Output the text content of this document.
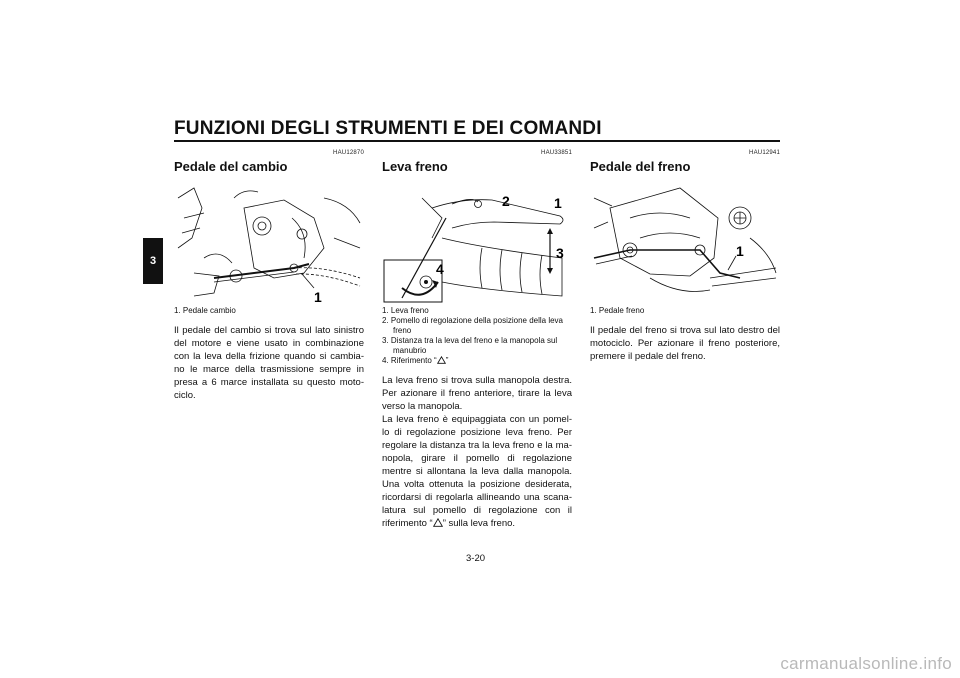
FUNZIONI DEGLI STRUMENTI E DEI COMANDI
3
HAU12870
Pedale del cambio
1
1. Pedale cambio

Il pedale del cambio si trova sul lato sinistro del motore e viene usato in combinazione con la leva della frizione quando si cambia-no le marce della trasmissione sempre in presa a 6 marce installata su questo moto-ciclo.

HAU33851
Leva freno
2	1
3
4
1. Leva freno
2. Pomello di regolazione della posizione della leva freno
3. Distanza tra la leva del freno e la manopola sul manubrio
4. Riferimento “ ”

La leva freno si trova sulla manopola destra. Per azionare il freno anteriore, tirare la leva verso la manopola.

La leva freno è equipaggiata con un pomel-lo di regolazione posizione leva freno. Per regolare la distanza tra la leva freno e la ma-nopola, girare il pomello di regolazione mentre si allontana la leva dalla manopola. Una volta ottenuta la posizione desiderata, ricordarsi di regolarla allineando una scana-latura sul pomello di regolazione con il riferimento “ ” sulla leva freno.

HAU12941
Pedale del freno
1
1. Pedale freno

Il pedale del freno si trova sul lato destro del motociclo. Per azionare il freno posteriore, premere il pedale del freno.

3-20
carmanualsonline.info
